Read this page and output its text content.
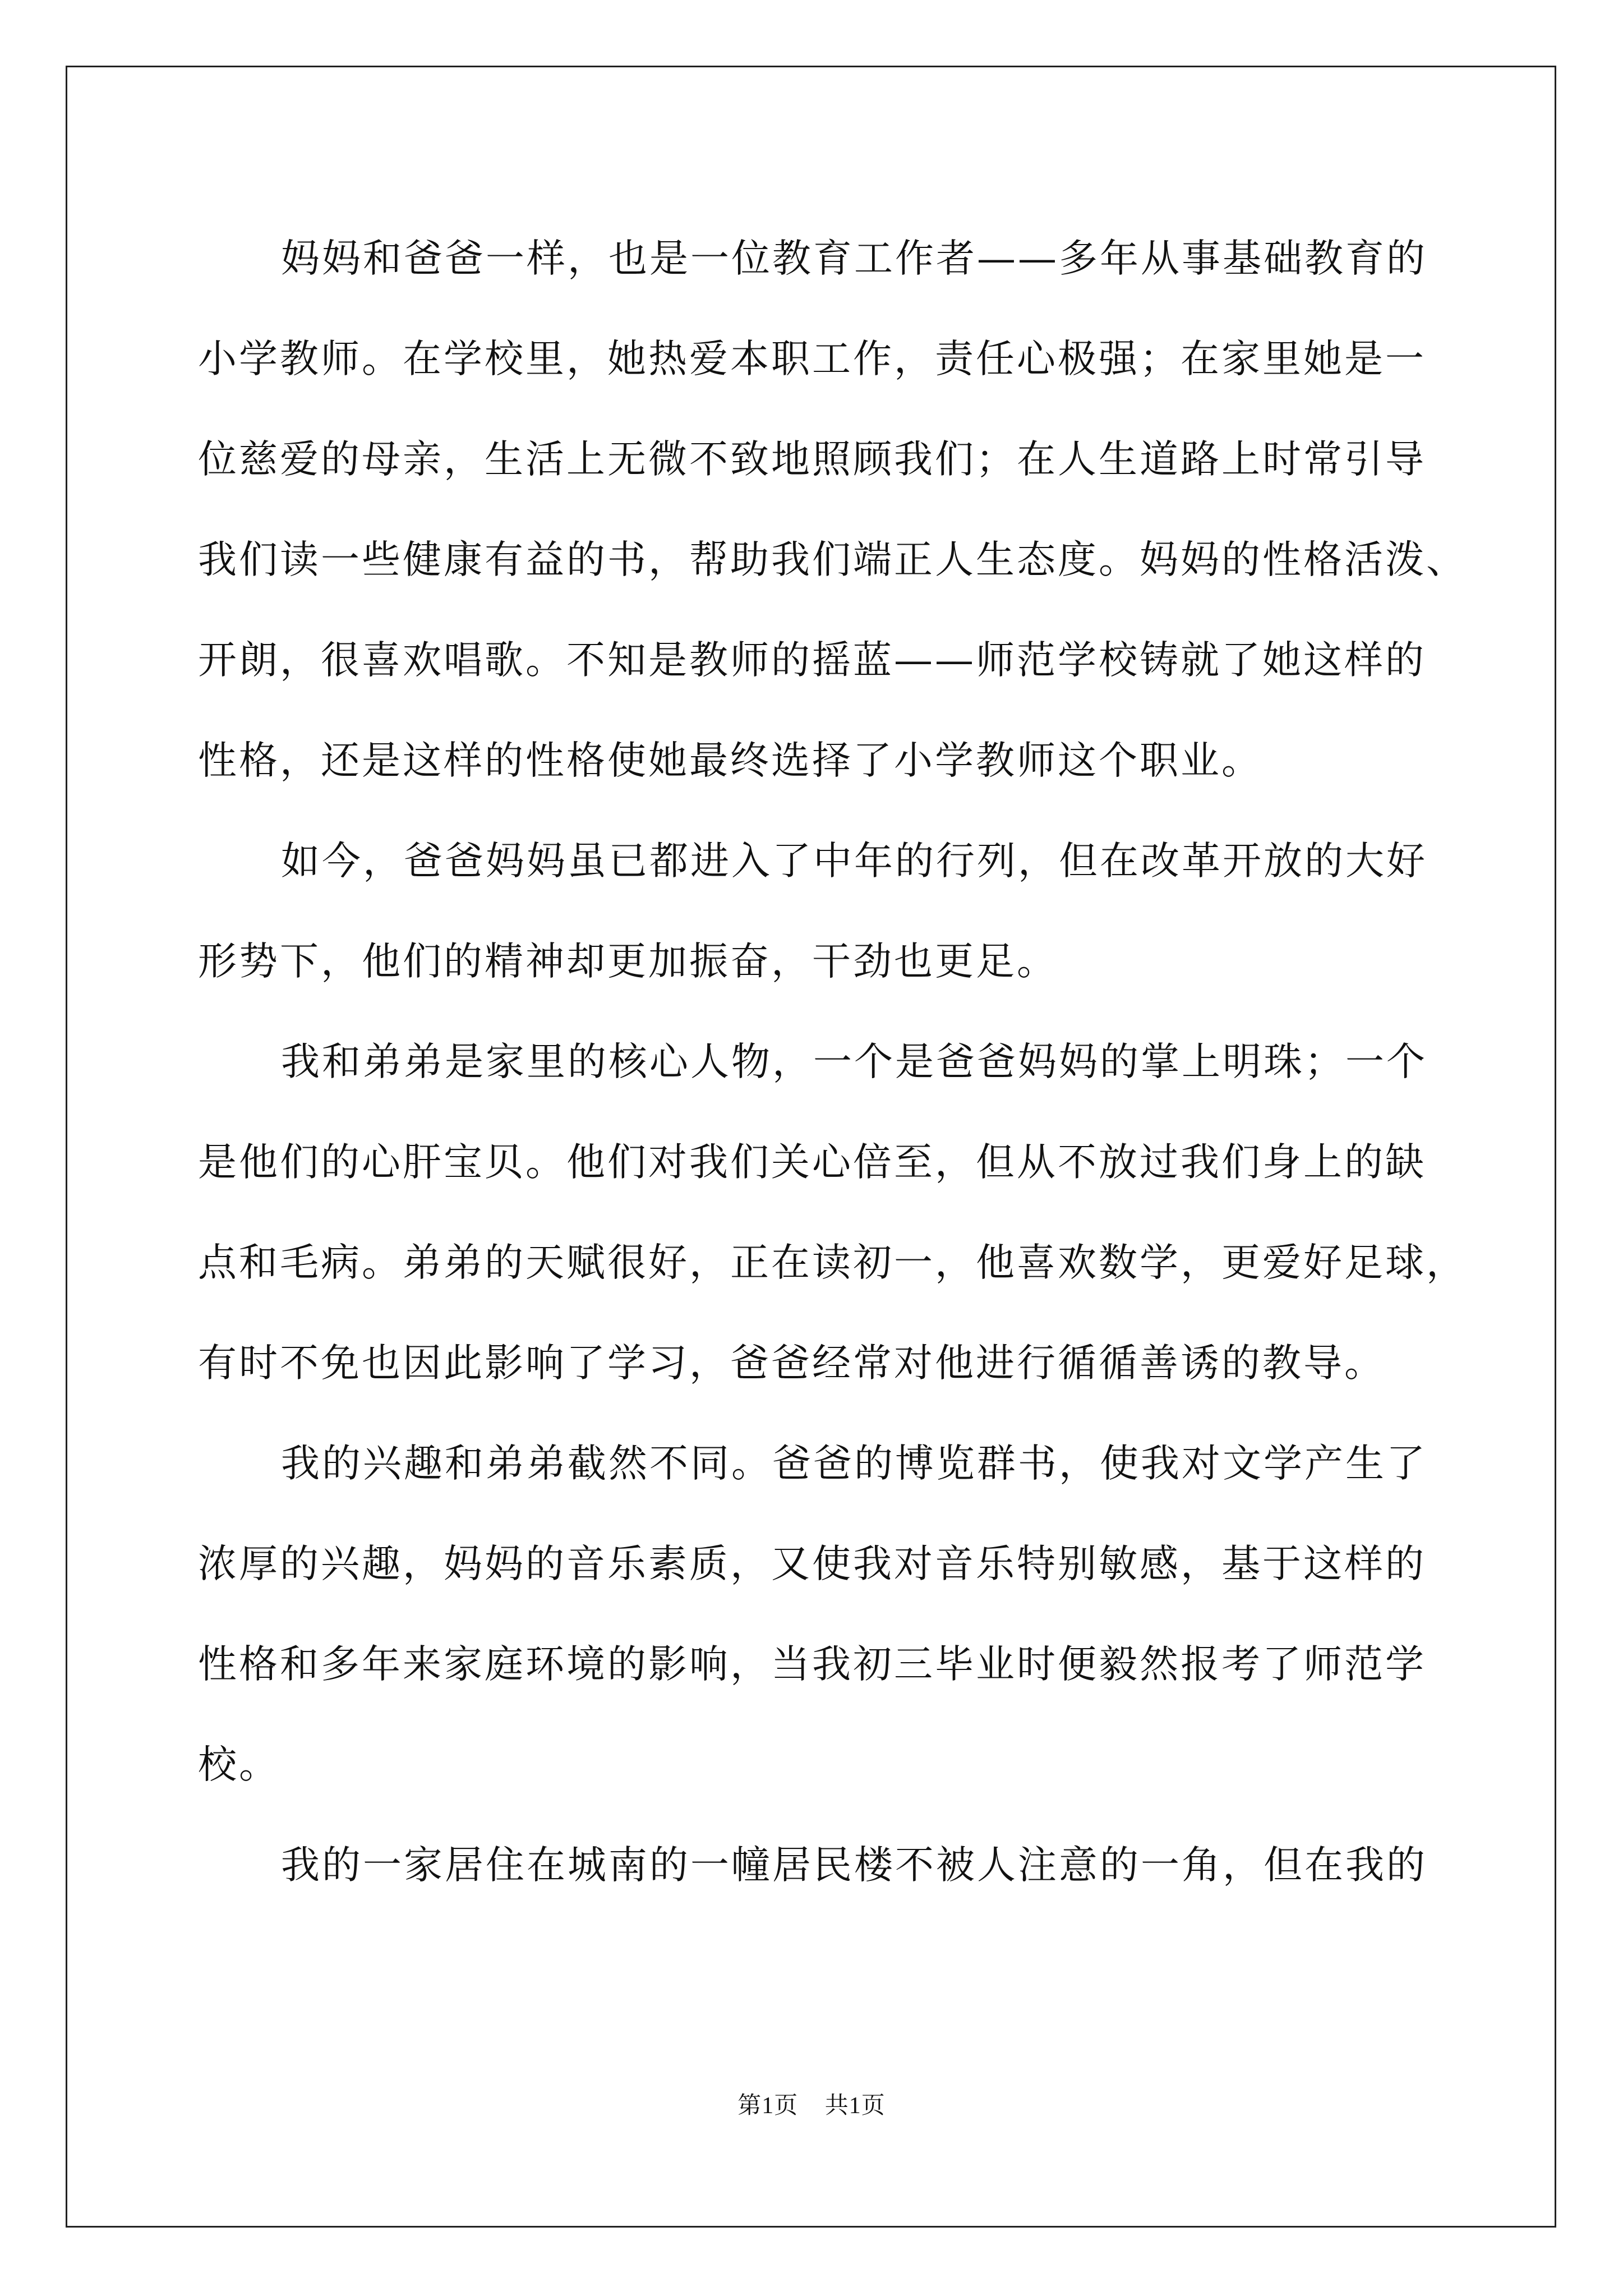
妈妈和爸爸一样，也是一位教育工作者——多年从事基础教育的
小学教师。在学校里，她热爱本职工作，责任心极强；在家里她是一
位慈爱的母亲，生活上无微不致地照顾我们；在人生道路上时常引导
我们读一些健康有益的书，帮助我们端正人生态度。妈妈的性格活泼、
开朗，很喜欢唱歌。不知是教师的摇蓝——师范学校铸就了她这样的
性格，还是这样的性格使她最终选择了小学教师这个职业。
如今，爸爸妈妈虽已都进入了中年的行列，但在改革开放的大好
形势下，他们的精神却更加振奋，干劲也更足。
我和弟弟是家里的核心人物，一个是爸爸妈妈的掌上明珠；一个
是他们的心肝宝贝。他们对我们关心倍至，但从不放过我们身上的缺
点和毛病。弟弟的天赋很好，正在读初一，他喜欢数学，更爱好足球，
有时不免也因此影响了学习，爸爸经常对他进行循循善诱的教导。
我的兴趣和弟弟截然不同。爸爸的博览群书，使我对文学产生了
浓厚的兴趣，妈妈的音乐素质，又使我对音乐特别敏感，基于这样的
性格和多年来家庭环境的影响，当我初三毕业时便毅然报考了师范学
校。
我的一家居住在城南的一幢居民楼不被人注意的一角，但在我的
第1页 共1页
